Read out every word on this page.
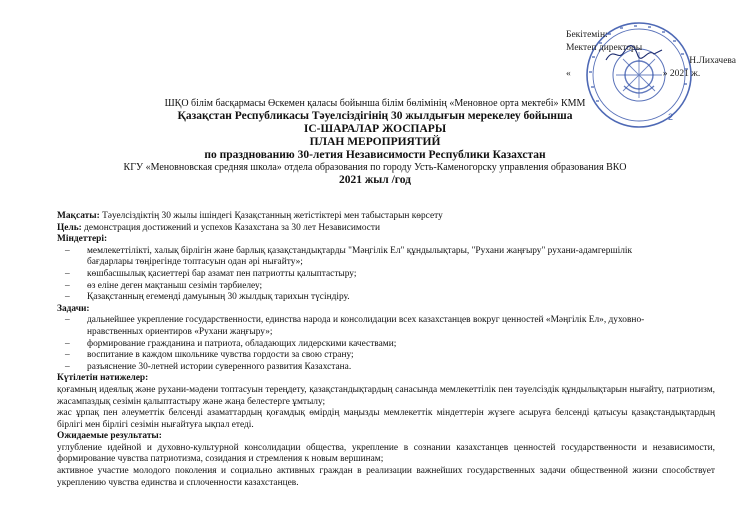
2
Бекітемін:
Мектеп директоры
Н.Лихачева
«	» 2021 ж.
ШҚО білім басқармасы Өскемен қаласы бойынша білім бөлімінің «Меновное орта мектебі» КММ
Қазақстан Республикасы Тәуелсіздігінің 30 жылдығын мерекелеу бойынша
ІС-ШАРАЛАР ЖОСПАРЫ
ПЛАН МЕРОПРИЯТИЙ
по празднованию 30-летия Независимости Республики Казахстан
КГУ «Меновновская средняя школа» отдела образования по городу Усть-Каменогорску управления образования ВКО
2021 жыл /год

Мақсаты: Тәуелсіздіктің 30 жылы ішіндегі Қазақстанның жетістіктері мен табыстарын көрсету

Цель: демонстрация достижений и успехов Казахстана за 30 лет Независимости

Міндеттері:

– мемлекеттілікті, халық бірлігін және барлық қазақстандықтарды "Мәңгілік Ел" құндылықтары, "Рухани жаңғыру" рухани-адамгершілік
бағдарлары төңірегінде топтасуын одан әрі нығайту»;
– көшбасшылық қасиеттері бар азамат пен патриотты қалыптастыру;
– өз еліне деген мақтаныш сезімін тәрбиелеу;
– Қазақстанның егеменді дамуының 30 жылдық тарихын түсіндіру.

Задачи:

– дальнейшее укрепление государственности, единства народа и консолидации всех казахстанцев вокруг ценностей «Мәңгілік Ел», духовно-
нравственных ориентиров «Рухани жаңғыру»;
– формирование гражданина и патриота, обладающих лидерскими качествами;
– воспитание в каждом школьнике чувства гордости за свою страну;
– разъяснение 30-летней истории суверенного развития Казахстана.

Күтілетін нәтижелер:

қоғамның идеялық және рухани-мәдени топтасуын тереңдету, қазақстандықтардың санасында мемлекеттілік пен тәуелсіздік құндылықтарын нығайту, патриотизм, жасампаздық сезімін қалыптастыру және жаңа белестерге ұмтылу;

жас ұрпақ пен әлеуметтік белсенді азаматтардың қоғамдық өмірдің маңызды мемлекеттік міндеттерін жүзеге асыруға белсенді қатысуы қазақстандықтардың бірлігі мен бірлігі сезімін нығайтуға ықпал етеді.

Ожидаемые результаты:

углубление идейной и духовно-культурной консолидации общества, укрепление в сознании казахстанцев ценностей государственности и независимости, формирование чувства патриотизма, созидания и стремления к новым вершинам;

активное участие молодого поколения и социально активных граждан в реализации важнейших государственных задачи общественной жизни способствует укреплению чувства единства и сплоченности казахстанцев.
